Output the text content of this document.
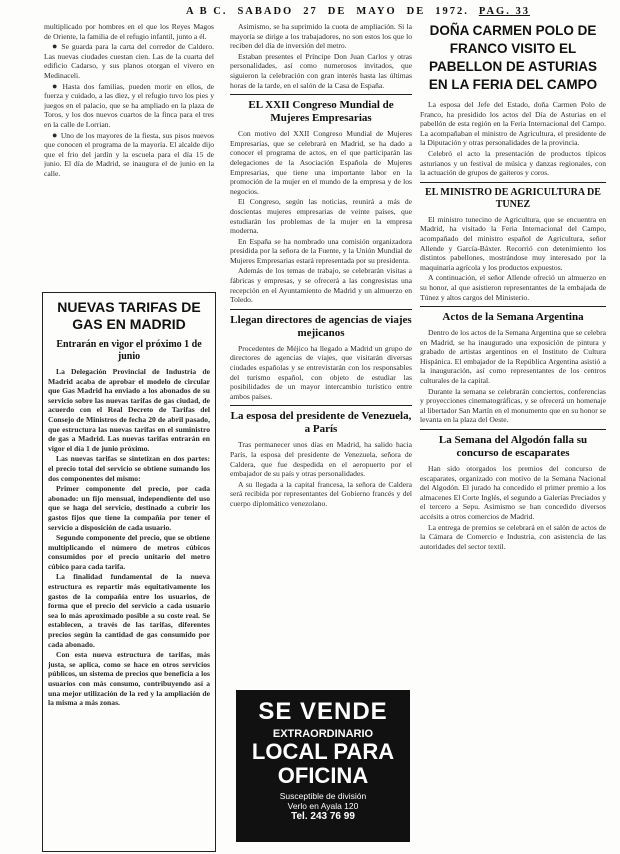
A B C. SABADO 27 DE MAYO DE 1972. PAG. 33

multiplicado por hombres en el que los Reyes Magos de Oriente, la familia de el refugio infantil, junto a él.

● Se guarda para la carta del corredor de Caldero. Las nuevas ciudades cuestan cien. Las de la cuarta del edificio Cadarso, y sus planos otorgan el vivero en Medinaceli.

● Hasta dos familias, pueden morir en ellos, de fuerza y cuidado, a las diez, y el refugio tuvo los pies y juegos en el palacio, que se ha ampliado en la plaza de Toros, y los dos nuevos cuartos de la finca para el tres en la calle de Lorrian.

● Uno de los mayores de la fiesta, sus pisos nuevos que conocen el programa de la mayoría. El alcalde dijo que el frio del jardín y la escuela para el día 15 de junio. El día de Madrid, se inaugura el de junio en la calle.

NUEVAS TARIFAS DE GAS EN MADRID
Entrarán en vigor el próximo 1 de junio

La Delegación Provincial de Industria de Madrid acaba de aprobar el modelo de circular que Gas Madrid ha enviado a los abonados de su servicio sobre las nuevas tarifas de gas ciudad, de acuerdo con el Real Decreto de Tarifas del Consejo de Ministros de fecha 20 de abril pasado, que estructura las nuevas tarifas en el suministro de gas a Madrid. Las nuevas tarifas entrarán en vigor el día 1 de junio próximo.

Las nuevas tarifas se sintetizan en dos partes: el precio total del servicio se obtiene sumando los dos componentes del mismo:

Primer componente del precio, por cada abonado: un fijo mensual, independiente del uso que se haga del servicio, destinado a cubrir los gastos fijos que tiene la compañía por tener el servicio a disposición de cada usuario.

Segundo componente del precio, que se obtiene multiplicando el número de metros cúbicos consumidos por el precio unitario del metro cúbico para cada tarifa.

La finalidad fundamental de la nueva estructura es repartir más equitativamente los gastos de la compañía entre los usuarios, de forma que el precio del servicio a cada usuario sea lo más aproximado posible a su coste real. Se establecen, a través de las tarifas, diferentes precios según la cantidad de gas consumido por cada abonado.

Con esta nueva estructura de tarifas, más justa, se aplica, como se hace en otros servicios públicos, un sistema de precios que beneficia a los usuarios con más consumo, contribuyendo así a una mejor utilización de la red y la ampliación de la misma a más zonas.

Asimismo, se ha suprimido la cuota de ampliación. Si la mayoría se dirige a los trabajadores, no son estos los que lo reciben del día de inversión del metro.

Estaban presentes el Príncipe Don Juan Carlos y otras personalidades, así como numerosos invitados, que siguieron la celebración con gran interés hasta las últimas horas de la tarde, en el salón de la Casa de España.

EL XXII Congreso Mundial de Mujeres Empresarias

Con motivo del XXII Congreso Mundial de Mujeres Empresarias, que se celebrará en Madrid, se ha dado a conocer el programa de actos, en el que participarán las delegaciones de la Asociación Española de Mujeres Empresarias, que tiene una importante labor en la promoción de la mujer en el mundo de la empresa y de los negocios.

El Congreso, según las noticias, reunirá a más de doscientas mujeres empresarias de veinte países, que estudiarán los problemas de la mujer en la empresa moderna.

En España se ha nombrado una comisión organizadora presidida por la señora de la Fuente, y la Unión Mundial de Mujeres Empresarias estará representada por su presidenta.

Además de los temas de trabajo, se celebrarán visitas a fábricas y empresas, y se ofrecerá a las congresistas una recepción en el Ayuntamiento de Madrid y un almuerzo en Toledo.

Llegan directores de agencias de viajes mejicanos

Procedentes de Méjico ha llegado a Madrid un grupo de directores de agencias de viajes, que visitarán diversas ciudades españolas y se entrevistarán con los responsables del turismo español, con objeto de estudiar las posibilidades de un mayor intercambio turístico entre ambos países.

La esposa del presidente de Venezuela, a París

Tras permanecer unos días en Madrid, ha salido hacia París, la esposa del presidente de Venezuela, señora de Caldera, que fue despedida en el aeropuerto por el embajador de su país y otras personalidades.

A su llegada a la capital francesa, la señora de Caldera será recibida por representantes del Gobierno francés y del cuerpo diplomático venezolano.

SE VENDE
EXTRAORDINARIO
LOCAL PARA
OFICINA
Susceptible de división
Verlo en Ayala 120
Tel. 243 76 99
DOÑA CARMEN POLO DE FRANCO VISITO EL PABELLON DE ASTURIAS EN LA FERIA DEL CAMPO

La esposa del Jefe del Estado, doña Carmen Polo de Franco, ha presidido los actos del Día de Asturias en el pabellón de esta región en la Feria Internacional del Campo. La acompañaban el ministro de Agricultura, el presidente de la Diputación y otras personalidades de la provincia.

Celebró el acto la presentación de productos típicos asturianos y un festival de música y danzas regionales, con la actuación de grupos de gaiteros y coros.

EL MINISTRO DE AGRICULTURA DE TUNEZ

El ministro tunecino de Agricultura, que se encuentra en Madrid, ha visitado la Feria Internacional del Campo, acompañado del ministro español de Agricultura, señor Allende y García-Báxter. Recorrió con detenimiento los distintos pabellones, mostrándose muy interesado por la maquinaria agrícola y los productos expuestos.

A continuación, el señor Allende ofreció un almuerzo en su honor, al que asistieron representantes de la embajada de Túnez y altos cargos del Ministerio.

Actos de la Semana Argentina

Dentro de los actos de la Semana Argentina que se celebra en Madrid, se ha inaugurado una exposición de pintura y grabado de artistas argentinos en el Instituto de Cultura Hispánica. El embajador de la República Argentina asistió a la inauguración, así como representantes de los centros culturales de la capital.

Durante la semana se celebrarán conciertos, conferencias y proyecciones cinematográficas, y se ofrecerá un homenaje al libertador San Martín en el monumento que en su honor se levanta en la plaza del Oeste.

La Semana del Algodón falla su concurso de escaparates

Han sido otorgados los premios del concurso de escaparates, organizado con motivo de la Semana Nacional del Algodón. El jurado ha concedido el primer premio a los almacenes El Corte Inglés, el segundo a Galerías Preciados y el tercero a Sepu. Asimismo se han concedido diversos accésits a otros comercios de Madrid.

La entrega de premios se celebrará en el salón de actos de la Cámara de Comercio e Industria, con asistencia de las autoridades del sector textil.
